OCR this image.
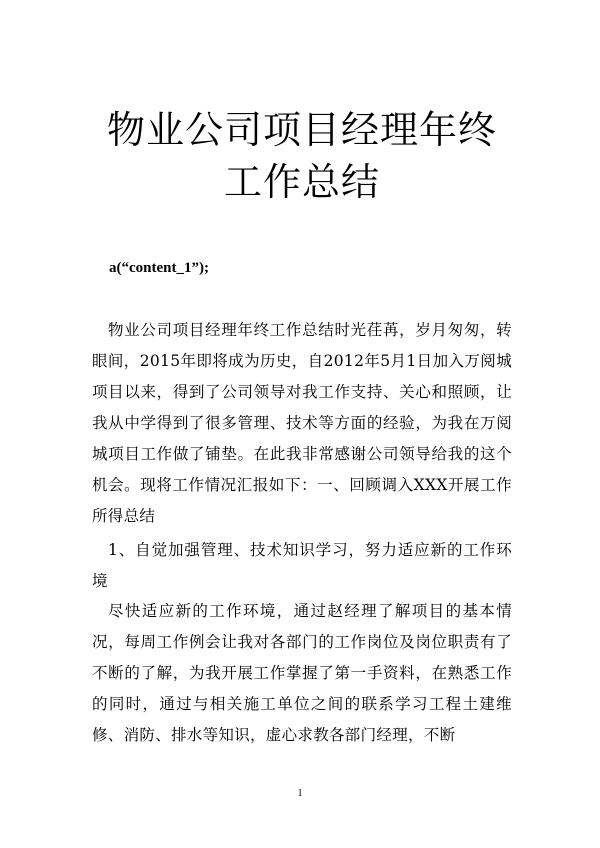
物业公司项目经理年终工作总结
a(“content_1”);

物业公司项目经理年终工作总结时光荏苒，岁月匆匆，转眼间，2015年即将成为历史，自2012年5月1日加入万阅城项目以来，得到了公司领导对我工作支持、关心和照顾，让我从中学得到了很多管理、技术等方面的经验，为我在万阅城项目工作做了铺垫。在此我非常感谢公司领导给我的这个机会。现将工作情况汇报如下：一、回顾调入XXX开展工作所得总结

1、自觉加强管理、技术知识学习，努力适应新的工作环境

尽快适应新的工作环境，通过赵经理了解项目的基本情况，每周工作例会让我对各部门的工作岗位及岗位职责有了不断的了解，为我开展工作掌握了第一手资料，在熟悉工作的同时，通过与相关施工单位之间的联系学习工程土建维修、消防、排水等知识，虚心求教各部门经理，不断

1
